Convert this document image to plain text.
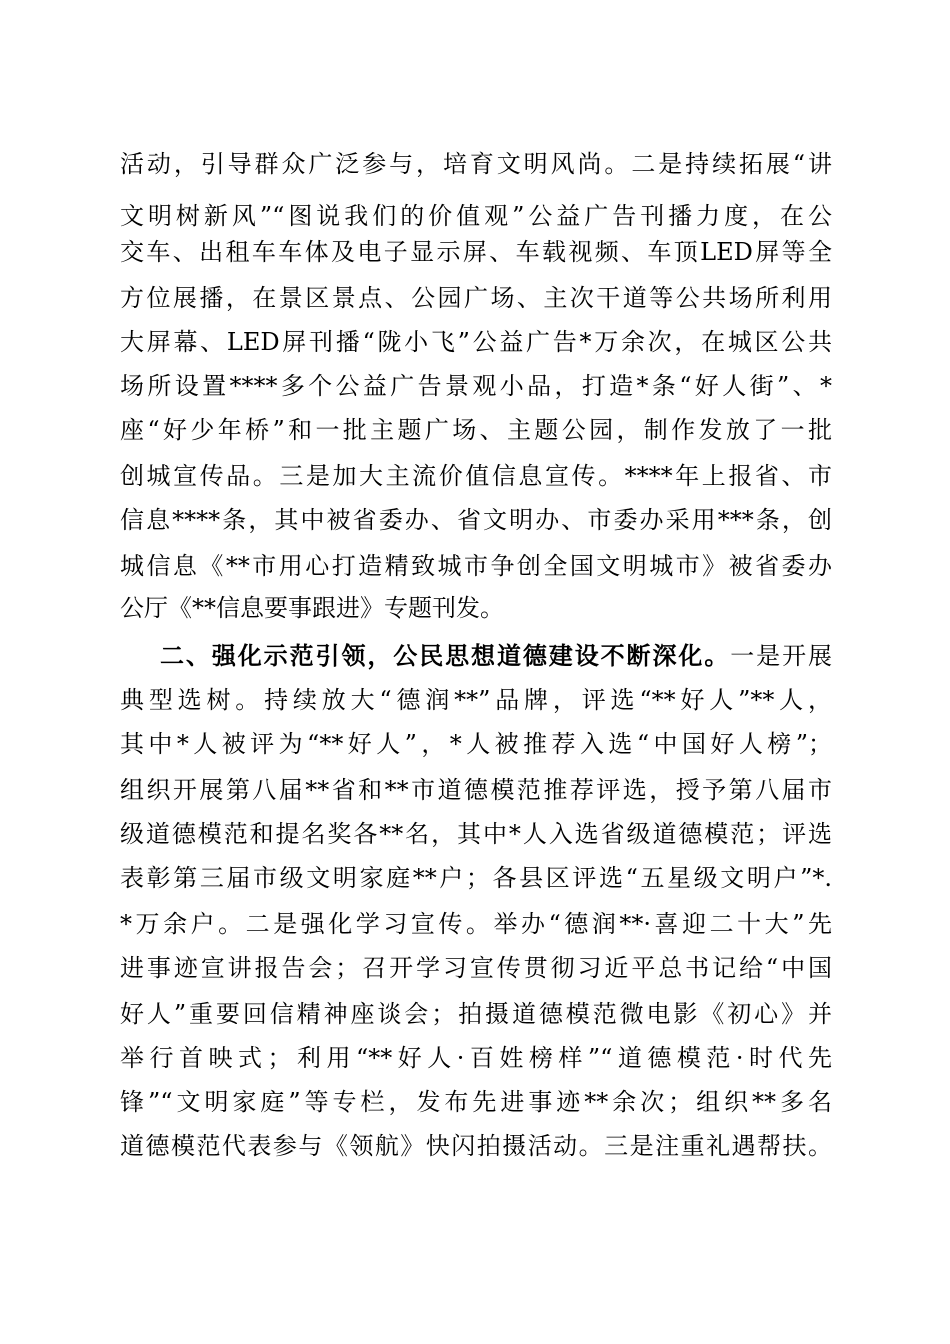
活动，引导群众广泛参与，培育文明风尚。二是持续拓展“讲
文明树新风”“图说我们的价值观”公益广告刊播力度，在公
交车、出租车车体及电子显示屏、车载视频、车顶LED屏等全
方位展播，在景区景点、公园广场、主次干道等公共场所利用
大屏幕、LED屏刊播“陇小飞”公益广告*万余次，在城区公共
场所设置****多个公益广告景观小品，打造*条“好人街”、*
座“好少年桥”和一批主题广场、主题公园，制作发放了一批
创城宣传品。三是加大主流价值信息宣传。****年上报省、市
信息****条，其中被省委办、省文明办、市委办采用***条，创
城信息《**市用心打造精致城市争创全国文明城市》被省委办
公厅《**信息要事跟进》专题刊发。
二、强化示范引领，公民思想道德建设不断深化。一是开展
典型选树。持续放大“德润**”品牌，评选“**好人”**人，
其中*人被评为“**好人”，*人被推荐入选“中国好人榜”；
组织开展第八届**省和**市道德模范推荐评选，授予第八届市
级道德模范和提名奖各**名，其中*人入选省级道德模范；评选
表彰第三届市级文明家庭**户；各县区评选“五星级文明户”*.
*万余户。二是强化学习宣传。举办“德润**·喜迎二十大”先
进事迹宣讲报告会；召开学习宣传贯彻习近平总书记给“中国
好人”重要回信精神座谈会；拍摄道德模范微电影《初心》并
举行首映式；利用“**好人·百姓榜样”“道德模范·时代先
锋”“文明家庭”等专栏，发布先进事迹**余次；组织**多名
道德模范代表参与《领航》快闪拍摄活动。三是注重礼遇帮扶。
